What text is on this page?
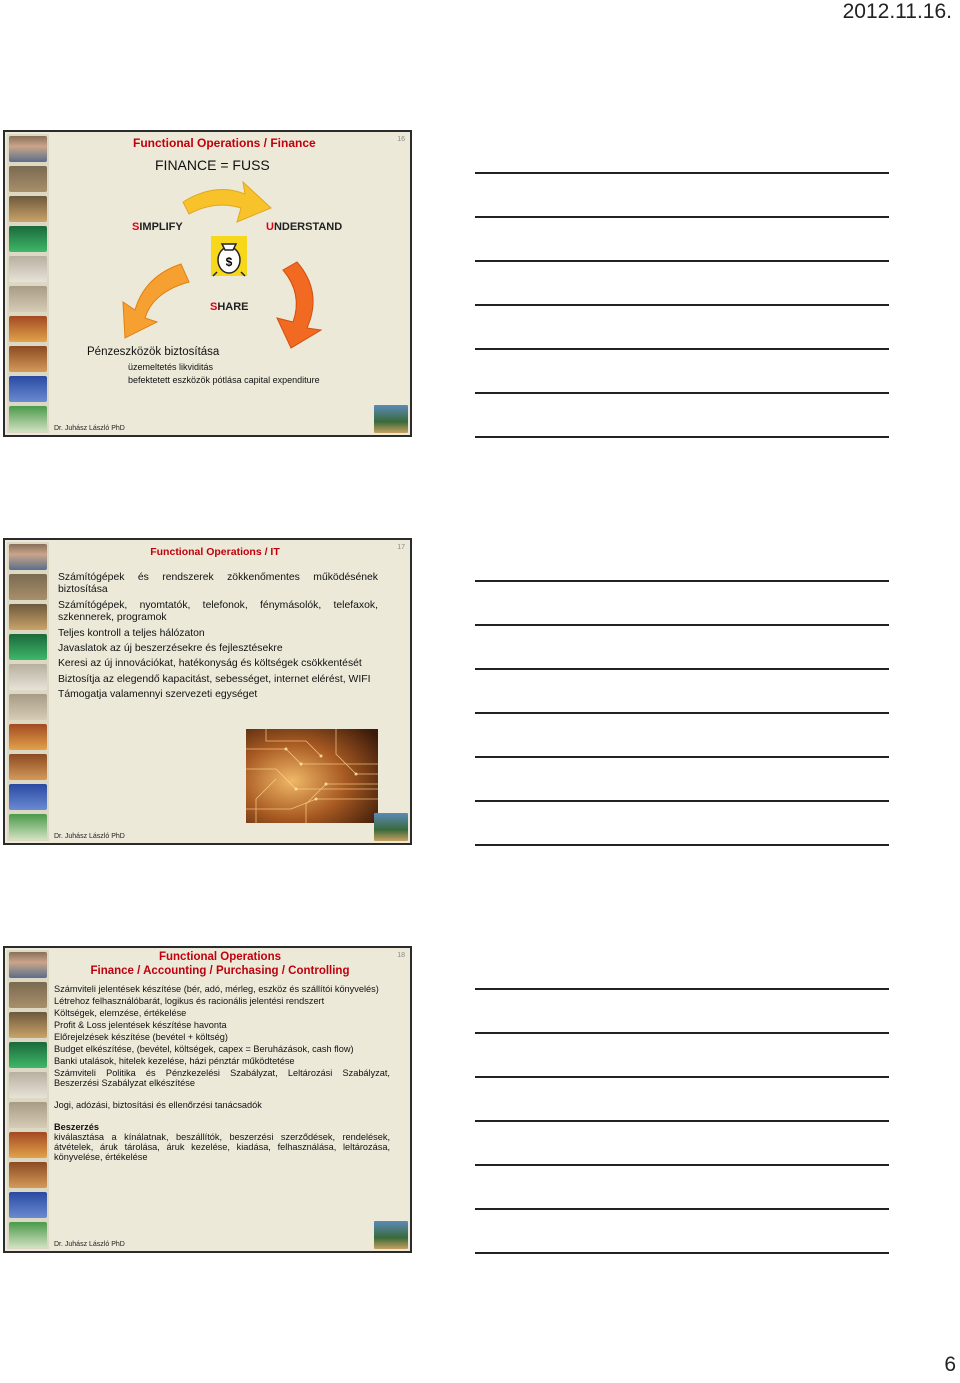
2012.11.16.
16
Functional Operations / Finance
FINANCE = FUSS
$
SIMPLIFY	UNDERSTAND
SHARE
Pénzeszközök biztosítása
üzemeltetés likviditás
befektetett eszközök pótlása capital expenditure
Dr. Juhász László PhD
17
Functional Operations / IT
Számítógépek és rendszerek zökkenőmentes működésének biztosítása
Számítógépek, nyomtatók, telefonok, fénymásolók, telefaxok, szkennerek, programok
Teljes kontroll a teljes hálózaton
Javaslatok az új beszerzésekre és fejlesztésekre
Keresi az új innovációkat, hatékonyság és költségek csökkentését
Biztosítja az elegendő kapacitást, sebességet, internet elérést, WIFI
Támogatja valamennyi szervezeti egységet
Dr. Juhász László PhD
18
Functional Operations
Finance / Accounting / Purchasing / Controlling
Számviteli jelentések készítése (bér, adó, mérleg, eszköz és szállítói könyvelés)
Létrehoz felhasználóbarát, logikus és racionális jelentési rendszert
Költségek, elemzése, értékelése
Profit & Loss jelentések készítése havonta
Előrejelzések készítése (bevétel + költség)
Budget elkészítése, (bevétel, költségek, capex = Beruházások, cash flow)
Banki utalások, hitelek kezelése, házi pénztár működtetése
Számviteli Politika és Pénzkezelési Szabályzat, Leltározási Szabályzat, Beszerzési Szabályzat elkészítése
Jogi, adózási, biztosítási és ellenőrzési tanácsadók
Beszerzés
kiválasztása a kínálatnak, beszállítók, beszerzési szerződések, rendelések, átvételek, áruk tárolása, áruk kezelése, kiadása, felhasználása, leltározása, könyvelése, értékelése
Dr. Juhász László PhD
6
